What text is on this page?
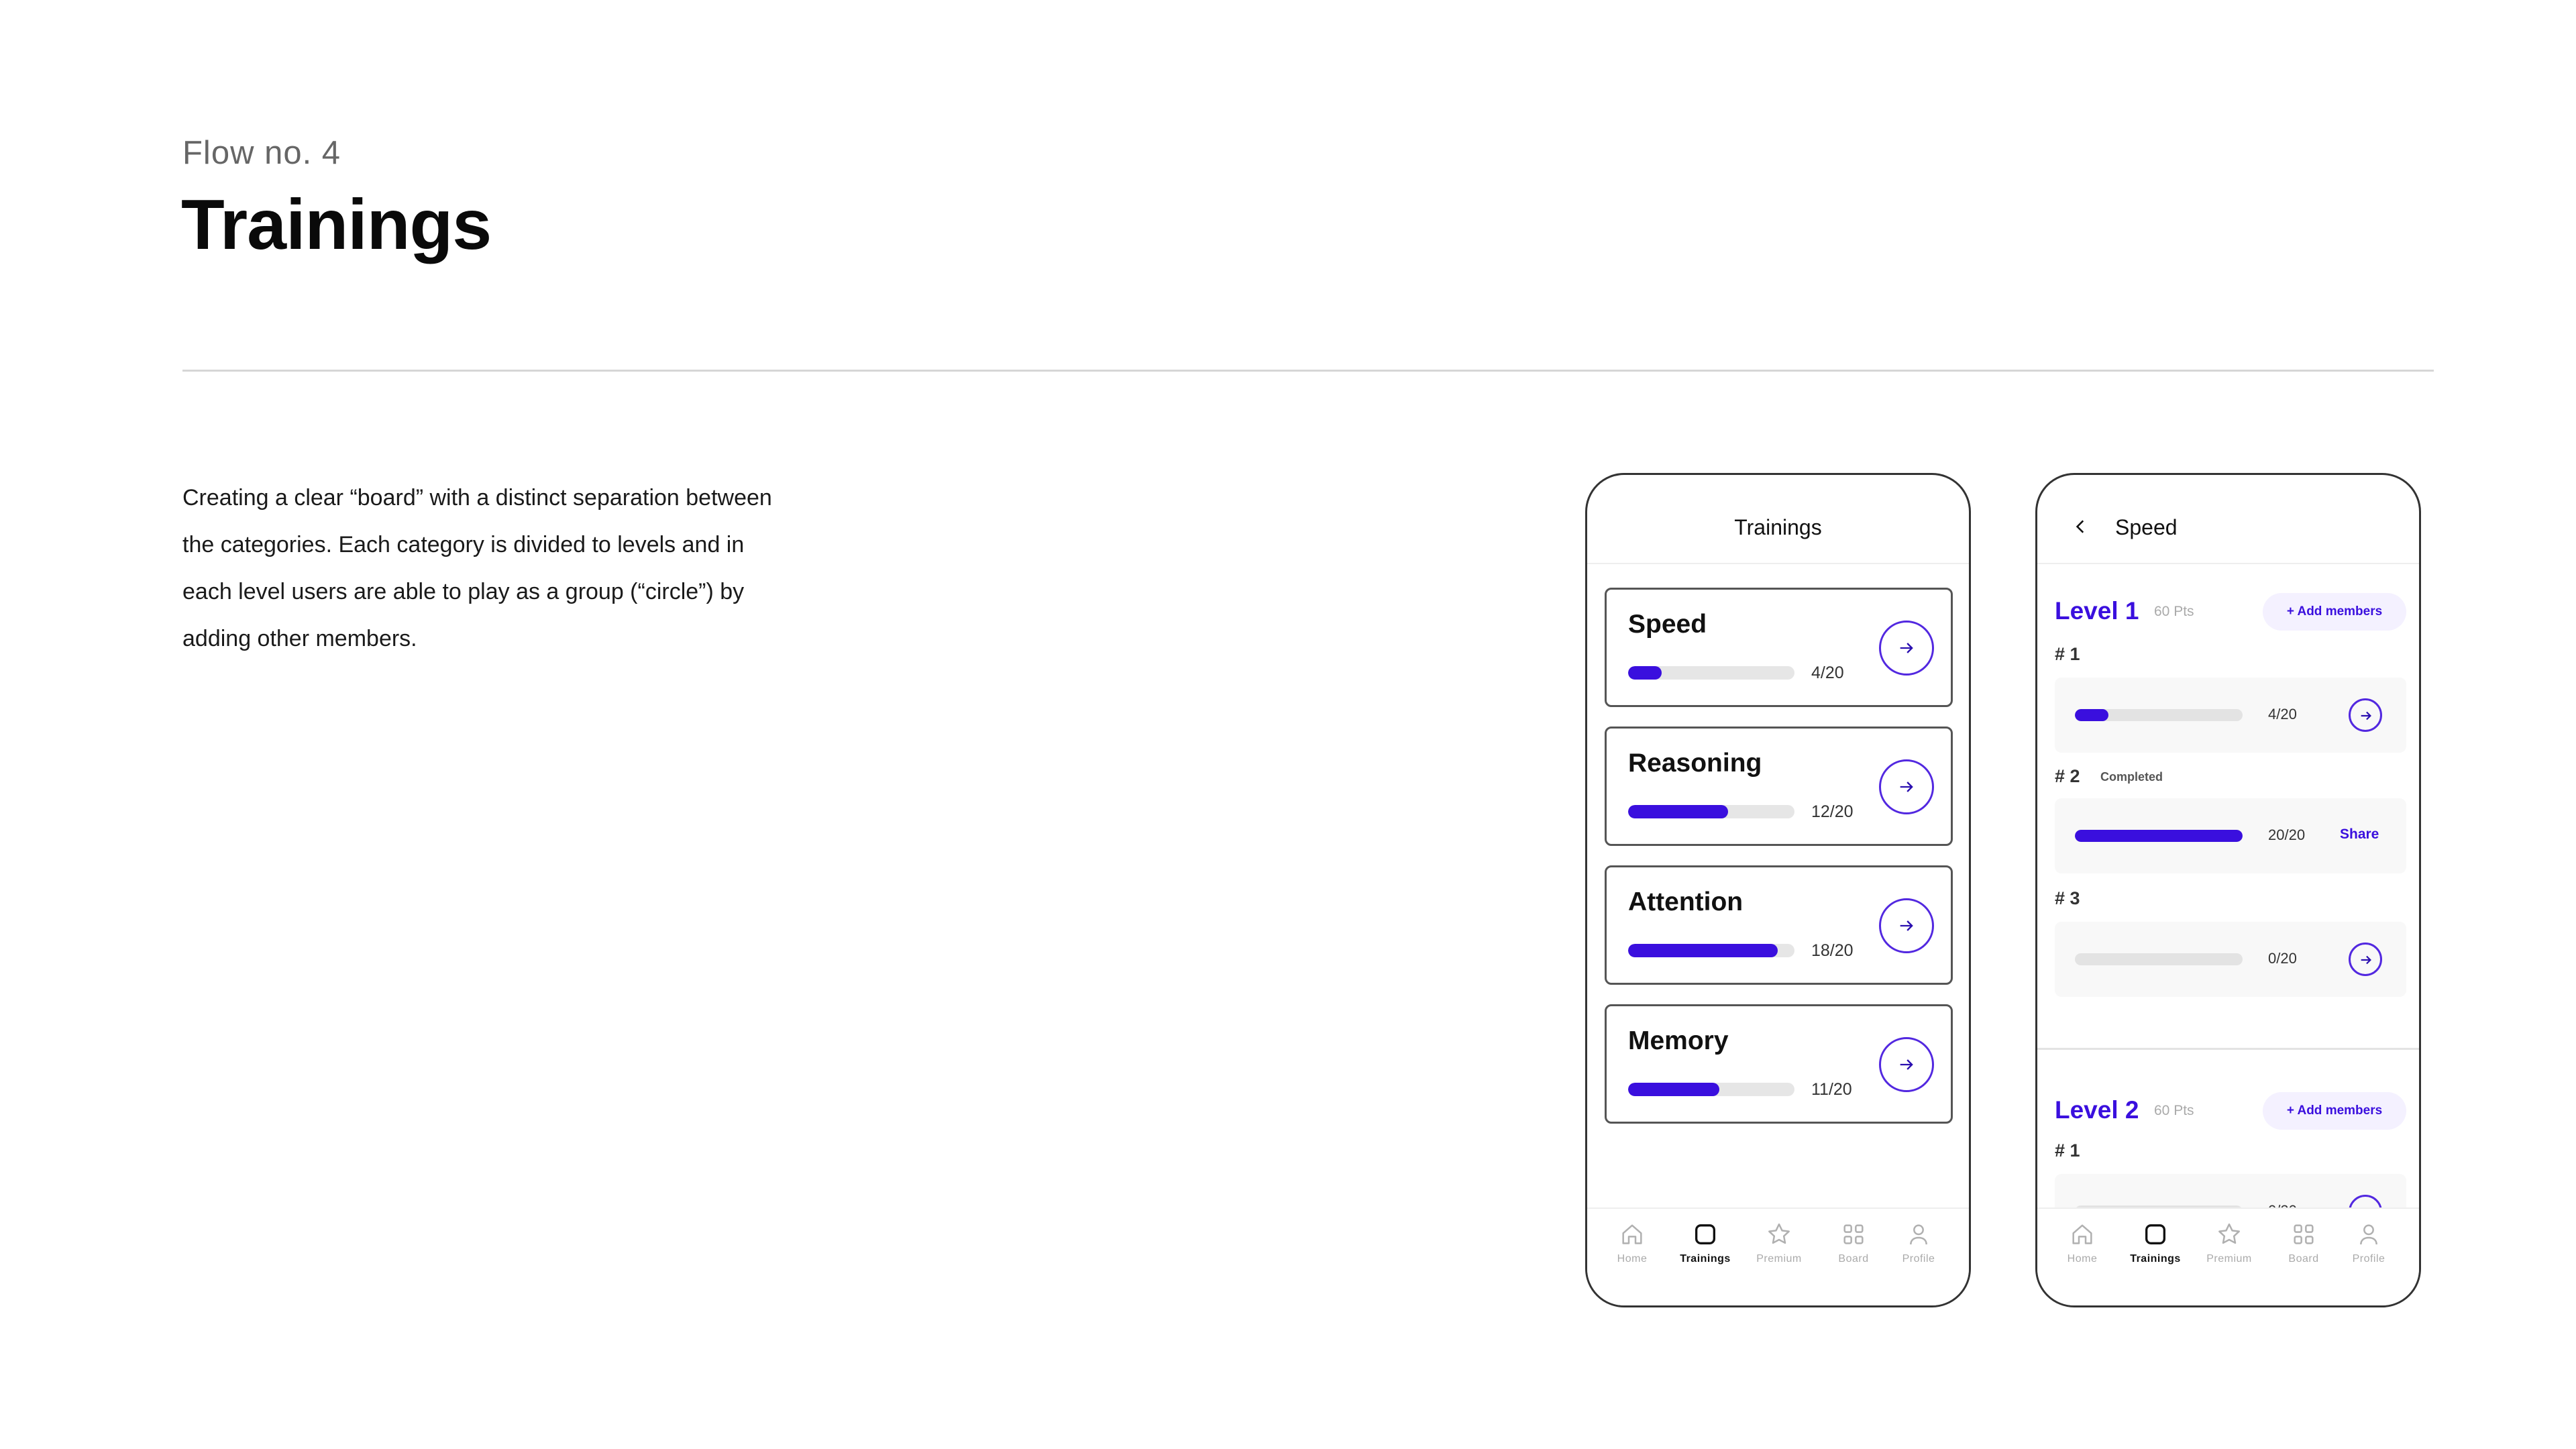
Flow no. 4
Trainings

Creating a clear “board” with a distinct separation between the categories. Each category is divided to levels and in each level users are able to play as a group (“circle”) by adding other members.

Trainings
Speed
4/20
Reasoning
12/20
Attention
18/20
Memory
11/20
Home	Trainings	Premium	Board	Profile
Speed
Level 1 60 Pts	+ Add members
# 1
4/20
# 2 Completed
20/20 Share
# 3
0/20
Level 2 60 Pts	+ Add members
# 1
Home	Trainings	Premium	Board	Profile
